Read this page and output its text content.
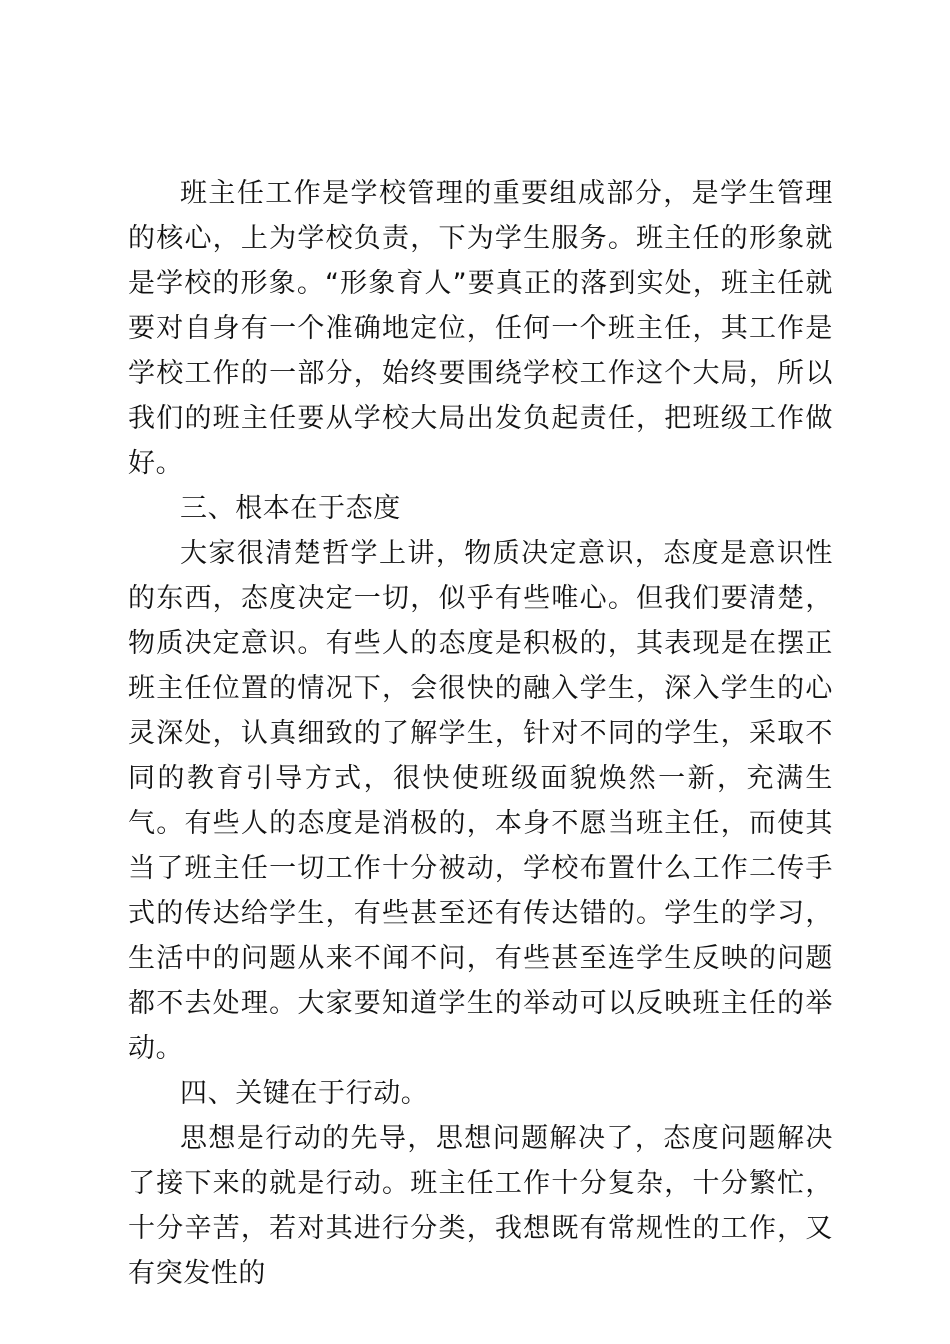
班主任工作是学校管理的重要组成部分，是学生管理的核心，上为学校负责，下为学生服务。班主任的形象就是学校的形象。“形象育人”要真正的落到实处，班主任就要对自身有一个准确地定位，任何一个班主任，其工作是学校工作的一部分，始终要围绕学校工作这个大局，所以我们的班主任要从学校大局出发负起责任，把班级工作做好。

三、根本在于态度

大家很清楚哲学上讲，物质决定意识，态度是意识性的东西，态度决定一切，似乎有些唯心。但我们要清楚，物质决定意识。有些人的态度是积极的，其表现是在摆正班主任位置的情况下，会很快的融入学生，深入学生的心灵深处，认真细致的了解学生，针对不同的学生，采取不同的教育引导方式，很快使班级面貌焕然一新，充满生气。有些人的态度是消极的，本身不愿当班主任，而使其当了班主任一切工作十分被动，学校布置什么工作二传手式的传达给学生，有些甚至还有传达错的。学生的学习，生活中的问题从来不闻不问，有些甚至连学生反映的问题都不去处理。大家要知道学生的举动可以反映班主任的举动。

四、关键在于行动。

思想是行动的先导，思想问题解决了，态度问题解决了接下来的就是行动。班主任工作十分复杂，十分繁忙，十分辛苦，若对其进行分类，我想既有常规性的工作，又有突发性的
